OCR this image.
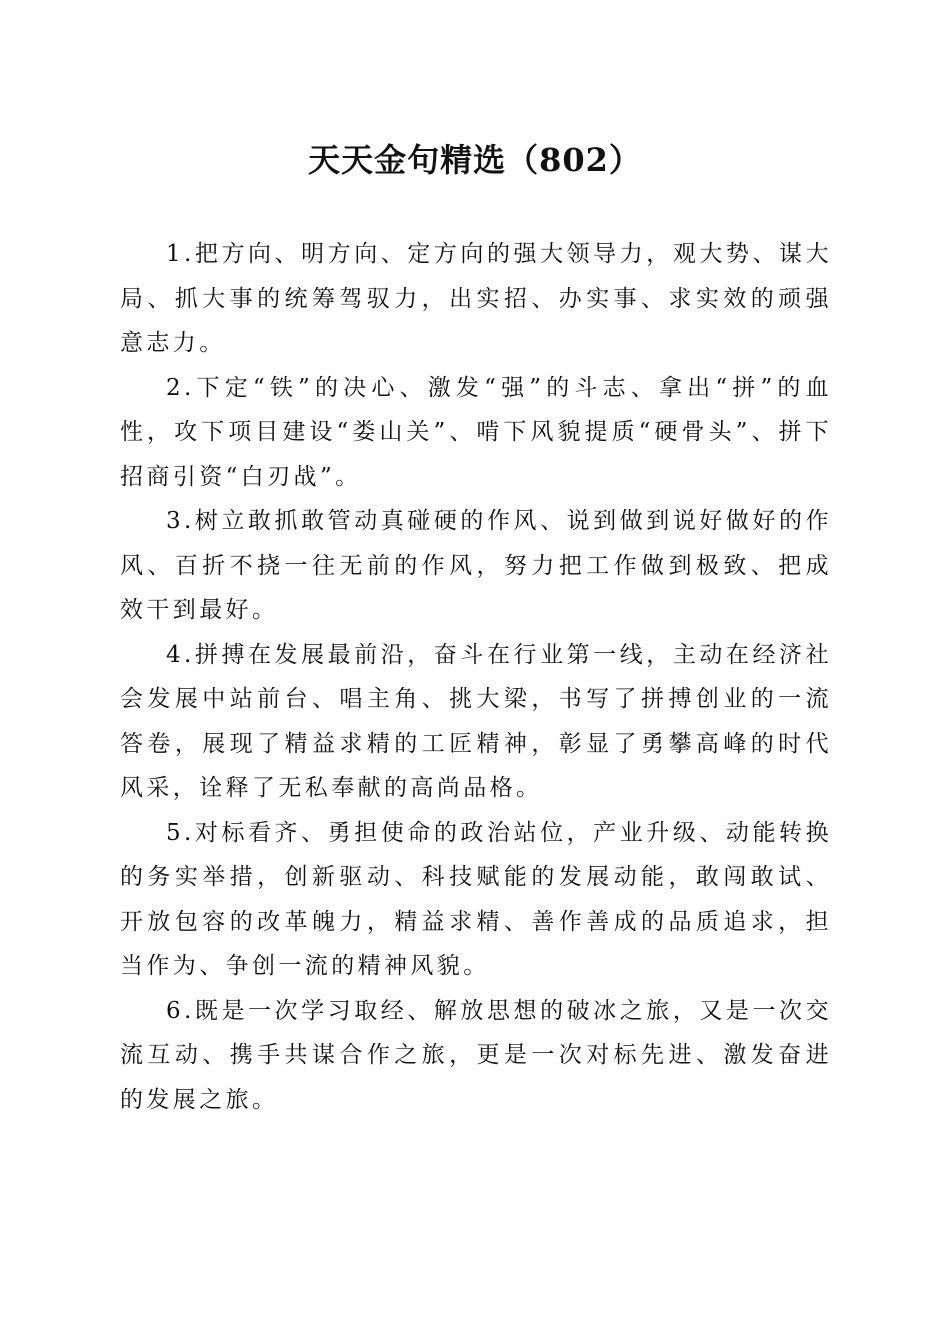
天天金句精选（802）

1.把方向、明方向、定方向的强大领导力，观大势、谋大局、抓大事的统筹驾驭力，出实招、办实事、求实效的顽强意志力。

2.下定“铁”的决心、激发“强”的斗志、拿出“拼”的血性，攻下项目建设“娄山关”、啃下风貌提质“硬骨头”、拼下招商引资“白刃战”。

3.树立敢抓敢管动真碰硬的作风、说到做到说好做好的作风、百折不挠一往无前的作风，努力把工作做到极致、把成效干到最好。

4.拼搏在发展最前沿，奋斗在行业第一线，主动在经济社会发展中站前台、唱主角、挑大梁，书写了拼搏创业的一流答卷，展现了精益求精的工匠精神，彰显了勇攀高峰的时代风采，诠释了无私奉献的高尚品格。

5.对标看齐、勇担使命的政治站位，产业升级、动能转换的务实举措，创新驱动、科技赋能的发展动能，敢闯敢试、开放包容的改革魄力，精益求精、善作善成的品质追求，担当作为、争创一流的精神风貌。

6.既是一次学习取经、解放思想的破冰之旅，又是一次交流互动、携手共谋合作之旅，更是一次对标先进、激发奋进的发展之旅。
